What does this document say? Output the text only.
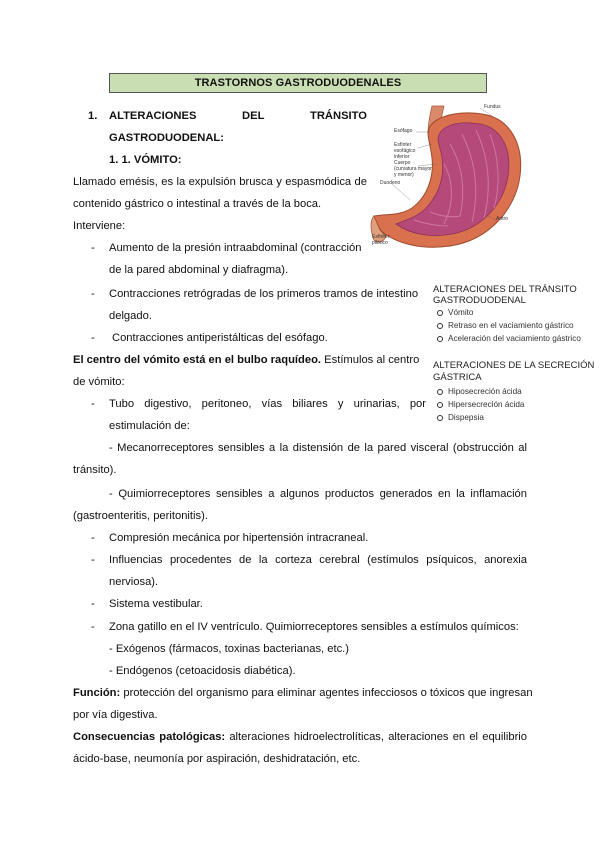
TRASTORNOS GASTRODUODENALES
1. ALTERACIONES	DEL	TRÁNSITO
GASTRODUODENAL:
1. 1. VÓMITO:
Llamado emésis, es la expulsión brusca y espasmódica de
contenido gástrico o intestinal a través de la boca.
Interviene:
- Aumento de la presión intraabdominal (contracción
de la pared abdominal y diafragma).
- Contracciones retrógradas de los primeros tramos de intestino
delgado.
- Contracciones antiperistálticas del esófago.
El centro del vómito está en el bulbo raquídeo. Estímulos al centro
de vómito:
- Tubo digestivo, peritoneo, vías biliares y urinarias, por
estimulación de:
- Mecanorreceptores sensibles a la distensión de la pared visceral (obstrucción al
tránsito).
- Quimiorreceptores sensibles a algunos productos generados en la inflamación
(gastroenteritis, peritonitis).
- Compresión mecánica por hipertensión intracraneal.
- Influencias procedentes de la corteza cerebral (estímulos psíquicos, anorexia
nerviosa).
- Sistema vestibular.
- Zona gatillo en el IV ventrículo. Quimiorreceptores sensibles a estímulos químicos:
- Exógenos (fármacos, toxinas bacterianas, etc.)
- Endógenos (cetoacidosis diabética).
Función: protección del organismo para eliminar agentes infecciosos o tóxicos que ingresan
por vía digestiva.
Consecuencias patológicas: alteraciones hidroelectrolíticas, alteraciones en el equilibrio
ácido-base, neumonía por aspiración, deshidratación, etc.
Fundus
Esófago
Esfínter esofágico inferior
Cuerpo (curvatura mayor y menor)
Duodeno
Antro
Esfínter pilórico
ALTERACIONES DEL TRÁNSITO
GASTRODUODENAL
Vómito
Retraso en el vaciamiento gástrico
Aceleración del vaciamiento gástrico
ALTERACIONES DE LA SECRECIÓN
GÁSTRICA
Hiposecreción ácida
Hipersecreción ácida
Dispepsia
